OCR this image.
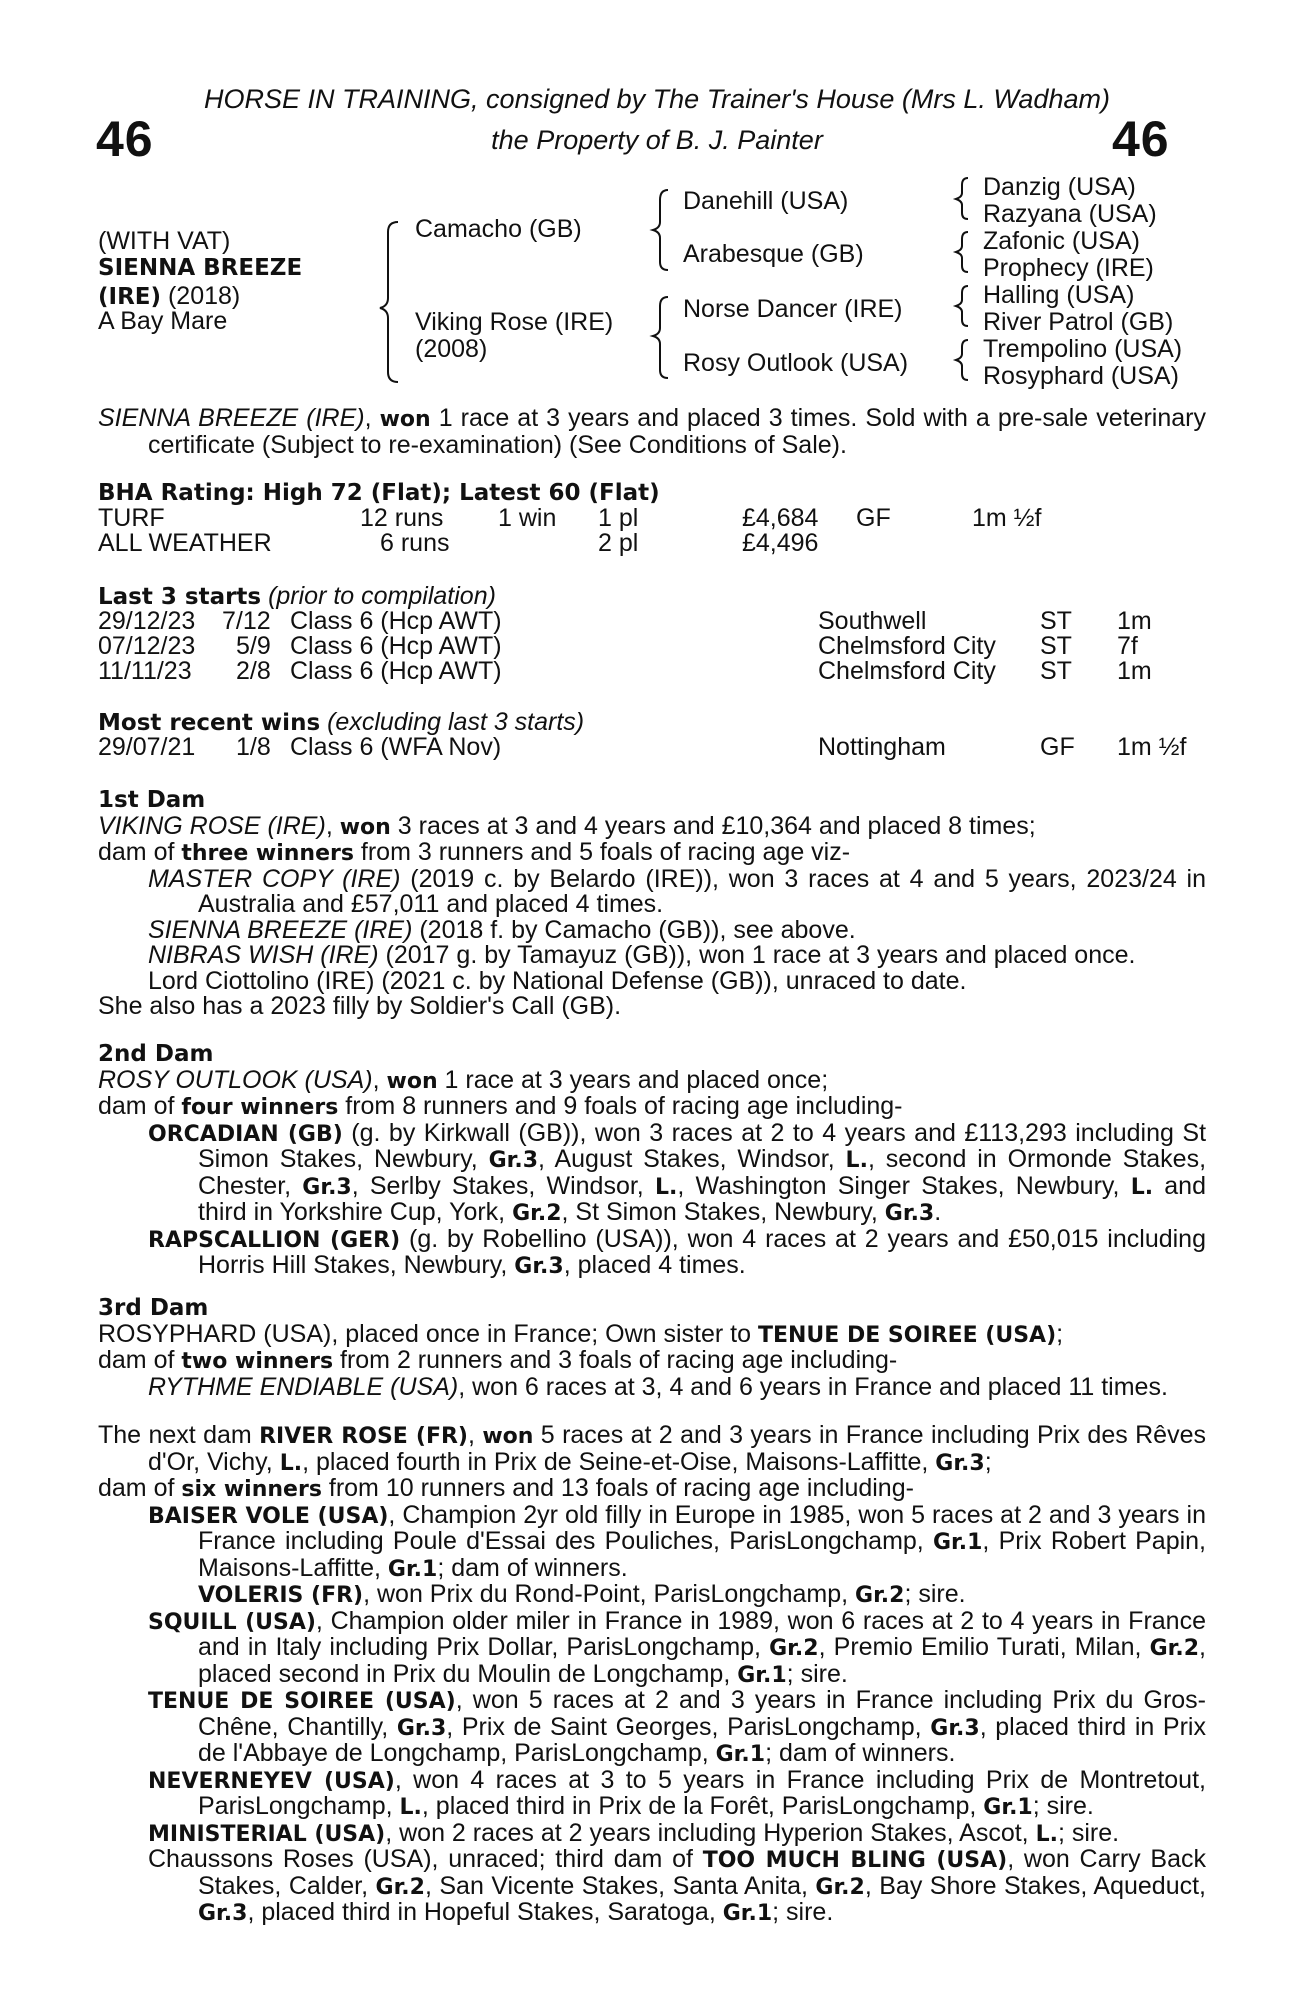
46	46
HORSE IN TRAINING, consigned by The Trainer's House (Mrs L. Wadham)
the Property of B. J. Painter
(WITH VAT)
SIENNA BREEZE
(IRE) (2018)
A Bay Mare
Camacho (GB)
Viking Rose (IRE)
(2008)
Danehill (USA)
Arabesque (GB)
Norse Dancer (IRE)
Rosy Outlook (USA)
Danzig (USA)
Razyana (USA)
Zafonic (USA)
Prophecy (IRE)
Halling (USA)
River Patrol (GB)
Trempolino (USA)
Rosyphard (USA)

SIENNA BREEZE (IRE), won 1 race at 3 years and placed 3 times. Sold with a pre-sale veterinary certificate (Subject to re-examination) (See Conditions of Sale).

BHA Rating: High 72 (Flat); Latest 60 (Flat)
TURF	12 runs 1 win 1 pl	£4,684 GF	1m ½f
ALL WEATHER	6 runs	2 pl	£4,496
Last 3 starts (prior to compilation)
29/12/23 7/12 Class 6 (Hcp AWT)	Southwell	ST 1m
07/12/23 5/9 Class 6 (Hcp AWT)	Chelmsford City ST 7f
11/11/23 2/8 Class 6 (Hcp AWT)	Chelmsford City ST 1m
Most recent wins (excluding last 3 starts)
29/07/21 1/8 Class 6 (WFA Nov)	Nottingham	GF 1m ½f

1st Dam

VIKING ROSE (IRE), won 3 races at 3 and 4 years and £10,364 and placed 8 times;

dam of three winners from 3 runners and 5 foals of racing age viz-

MASTER COPY (IRE) (2019 c. by Belardo (IRE)), won 3 races at 4 and 5 years, 2023/24 in Australia and £57,011 and placed 4 times.

SIENNA BREEZE (IRE) (2018 f. by Camacho (GB)), see above.

NIBRAS WISH (IRE) (2017 g. by Tamayuz (GB)), won 1 race at 3 years and placed once.

Lord Ciottolino (IRE) (2021 c. by National Defense (GB)), unraced to date.

She also has a 2023 filly by Soldier's Call (GB).

2nd Dam

ROSY OUTLOOK (USA), won 1 race at 3 years and placed once;

dam of four winners from 8 runners and 9 foals of racing age including-

ORCADIAN (GB) (g. by Kirkwall (GB)), won 3 races at 2 to 4 years and £113,293 including St Simon Stakes, Newbury, Gr.3, August Stakes, Windsor, L., second in Ormonde Stakes, Chester, Gr.3, Serlby Stakes, Windsor, L., Washington Singer Stakes, Newbury, L. and third in Yorkshire Cup, York, Gr.2, St Simon Stakes, Newbury, Gr.3.

RAPSCALLION (GER) (g. by Robellino (USA)), won 4 races at 2 years and £50,015 including Horris Hill Stakes, Newbury, Gr.3, placed 4 times.

3rd Dam

ROSYPHARD (USA), placed once in France; Own sister to TENUE DE SOIREE (USA);

dam of two winners from 2 runners and 3 foals of racing age including-

RYTHME ENDIABLE (USA), won 6 races at 3, 4 and 6 years in France and placed 11 times.

The next dam RIVER ROSE (FR), won 5 races at 2 and 3 years in France including Prix des Rêves d'Or, Vichy, L., placed fourth in Prix de Seine-et-Oise, Maisons-Laffitte, Gr.3;

dam of six winners from 10 runners and 13 foals of racing age including-

BAISER VOLE (USA), Champion 2yr old filly in Europe in 1985, won 5 races at 2 and 3 years in France including Poule d'Essai des Pouliches, ParisLongchamp, Gr.1, Prix Robert Papin, Maisons-Laffitte, Gr.1; dam of winners.

VOLERIS (FR), won Prix du Rond-Point, ParisLongchamp, Gr.2; sire.

SQUILL (USA), Champion older miler in France in 1989, won 6 races at 2 to 4 years in France and in Italy including Prix Dollar, ParisLongchamp, Gr.2, Premio Emilio Turati, Milan, Gr.2, placed second in Prix du Moulin de Longchamp, Gr.1; sire.

TENUE DE SOIREE (USA), won 5 races at 2 and 3 years in France including Prix du Gros-Chêne, Chantilly, Gr.3, Prix de Saint Georges, ParisLongchamp, Gr.3, placed third in Prix de l'Abbaye de Longchamp, ParisLongchamp, Gr.1; dam of winners.

NEVERNEYEV (USA), won 4 races at 3 to 5 years in France including Prix de Montretout, ParisLongchamp, L., placed third in Prix de la Forêt, ParisLongchamp, Gr.1; sire.

MINISTERIAL (USA), won 2 races at 2 years including Hyperion Stakes, Ascot, L.; sire.

Chaussons Roses (USA), unraced; third dam of TOO MUCH BLING (USA), won Carry Back Stakes, Calder, Gr.2, San Vicente Stakes, Santa Anita, Gr.2, Bay Shore Stakes, Aqueduct, Gr.3, placed third in Hopeful Stakes, Saratoga, Gr.1; sire.
